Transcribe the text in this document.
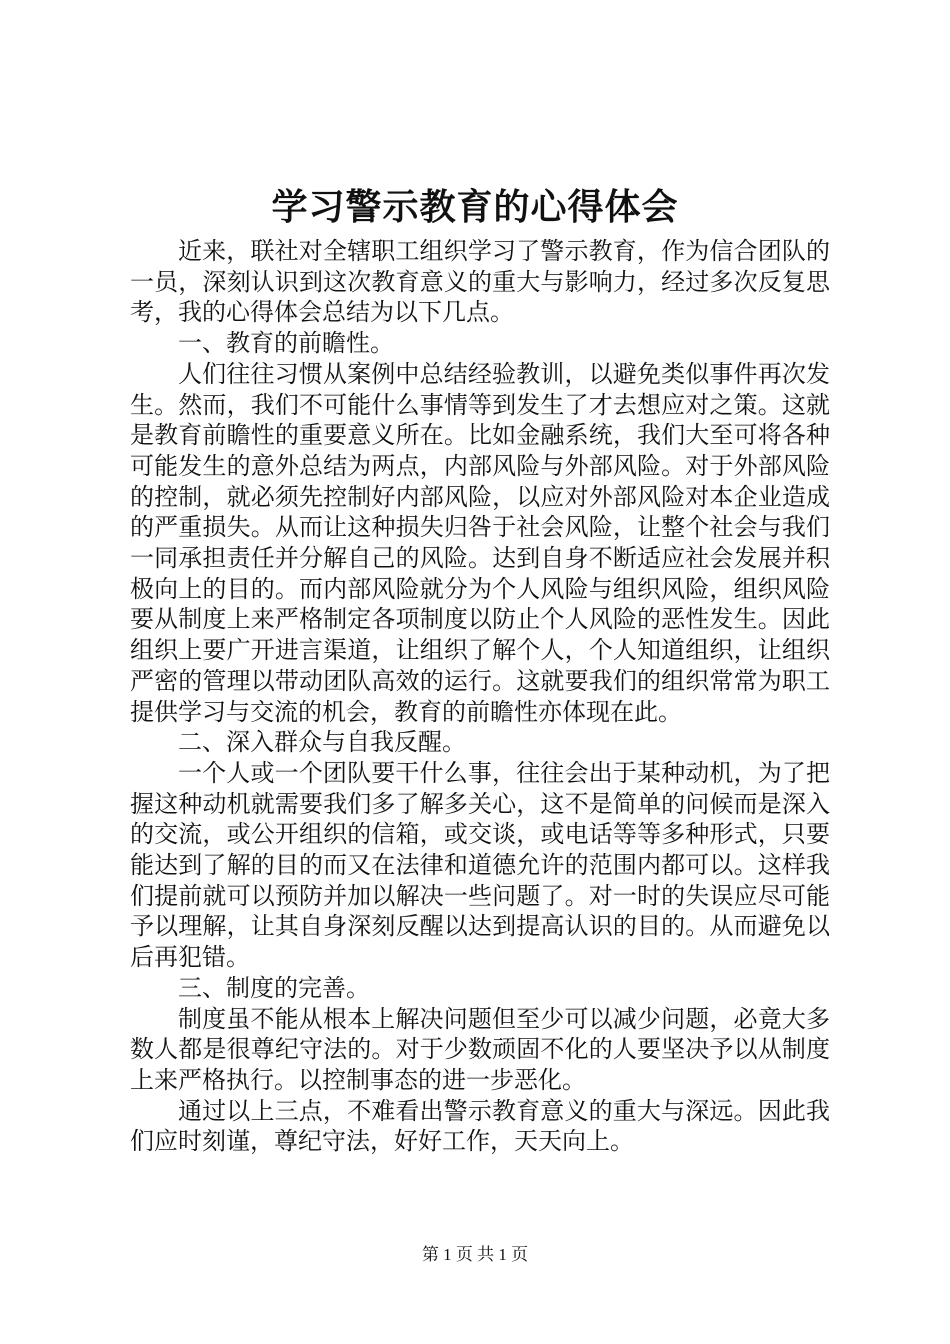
学习警示教育的心得体会

近来，联社对全辖职工组织学习了警示教育，作为信合团队的一员，深刻认识到这次教育意义的重大与影响力，经过多次反复思考，我的心得体会总结为以下几点。

一、教育的前瞻性。

人们往往习惯从案例中总结经验教训，以避免类似事件再次发生。然而，我们不可能什么事情等到发生了才去想应对之策。这就是教育前瞻性的重要意义所在。比如金融系统，我们大至可将各种可能发生的意外总结为两点，内部风险与外部风险。对于外部风险的控制，就必须先控制好内部风险，以应对外部风险对本企业造成的严重损失。从而让这种损失归咎于社会风险，让整个社会与我们一同承担责任并分解自己的风险。达到自身不断适应社会发展并积极向上的目的。而内部风险就分为个人风险与组织风险，组织风险要从制度上来严格制定各项制度以防止个人风险的恶性发生。因此组织上要广开进言渠道，让组织了解个人，个人知道组织，让组织严密的管理以带动团队高效的运行。这就要我们的组织常常为职工提供学习与交流的机会，教育的前瞻性亦体现在此。

二、深入群众与自我反醒。

一个人或一个团队要干什么事，往往会出于某种动机，为了把握这种动机就需要我们多了解多关心，这不是简单的问候而是深入的交流，或公开组织的信箱，或交谈，或电话等等多种形式，只要能达到了解的目的而又在法律和道德允许的范围内都可以。这样我们提前就可以预防并加以解决一些问题了。对一时的失误应尽可能予以理解，让其自身深刻反醒以达到提高认识的目的。从而避免以后再犯错。

三、制度的完善。

制度虽不能从根本上解决问题但至少可以减少问题，必竟大多数人都是很尊纪守法的。对于少数顽固不化的人要坚决予以从制度上来严格执行。以控制事态的进一步恶化。

通过以上三点，不难看出警示教育意义的重大与深远。因此我们应时刻谨，尊纪守法，好好工作，天天向上。

第 1 页 共 1 页
